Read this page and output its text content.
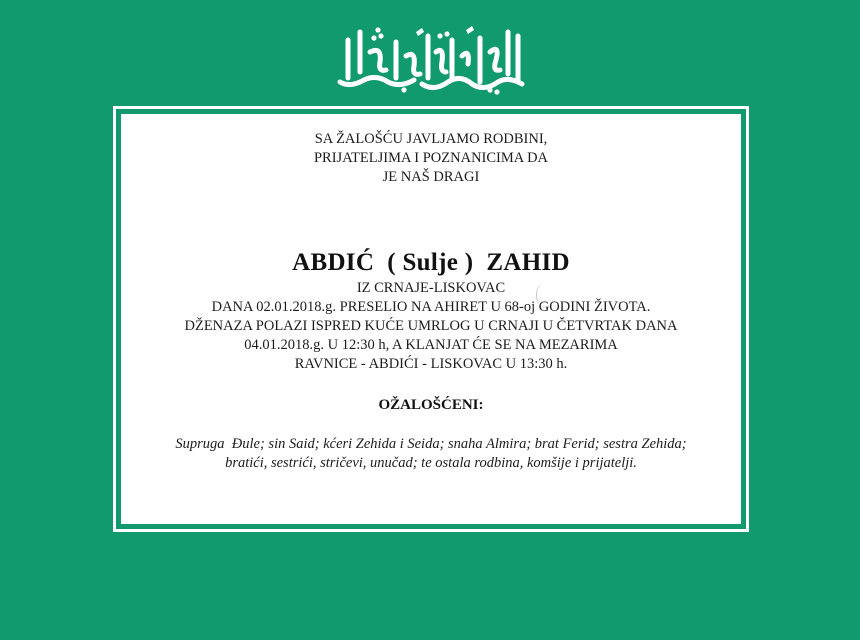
SA ŽALOŠĆU JAVLJAMO RODBINI,
PRIJATELJIMA I POZNANICIMA DA
JE NAŠ DRAGI
ABDIĆ  ( Sulje )  ZAHID
IZ CRNAJE-LISKOVAC
DANA 02.01.2018.g. PRESELIO NA AHIRET U 68-oj GODINI ŽIVOTA.
DŽENAZA POLAZI ISPRED KUĆE UMRLOG U CRNAJI U ČETVRTAK DANA
04.01.2018.g. U 12:30 h, A KLANJAT ĆE SE NA MEZARIMA
RAVNICE - ABDIĆI - LISKOVAC U 13:30 h.
OŽALOŠĆENI:
Supruga  Đule; sin Said; kćeri Zehida i Seida; snaha Almira; brat Ferid; sestra Zehida;
bratići, sestrići, stričevi, unučad; te ostala rodbina, komšije i prijatelji.
